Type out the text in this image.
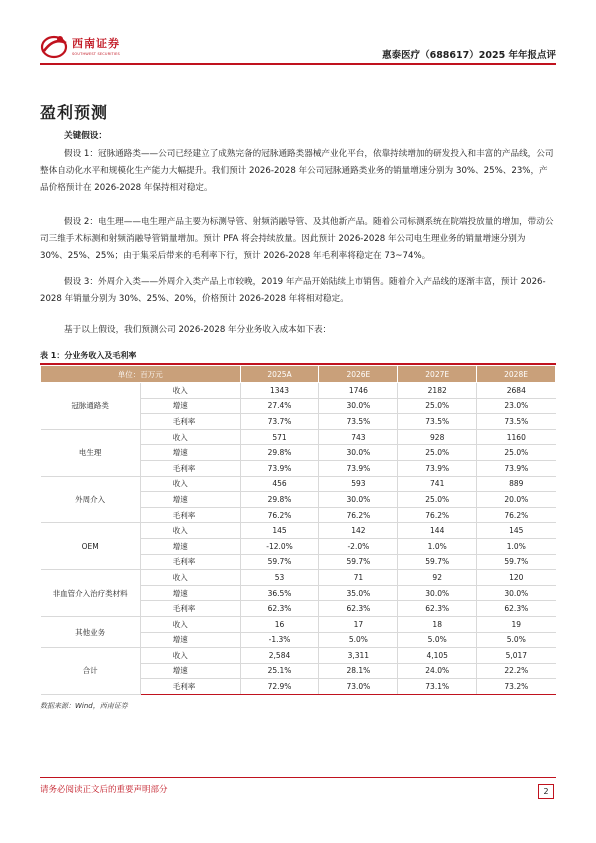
西南证券
SOUTHWEST SECURITIES	惠泰医疗（688617）2025 年年报点评
盈利预测
关键假设：
假设 1：冠脉通路类——公司已经建立了成熟完备的冠脉通路类器械产业化平台，依靠持续增加的研发投入和丰富的产品线，公司整体自动化水平和规模化生产能力大幅提升。我们预计 2026-2028 年公司冠脉通路类业务的销量增速分别为 30%、25%、23%，产品价格预计在 2026-2028 年保持相对稳定。
假设 2：电生理——电生理产品主要为标测导管、射频消融导管、及其他新产品。随着公司标测系统在院端投放量的增加，带动公司三维手术标测和射频消融导管销量增加。预计 PFA 将会持续放量。因此预计 2026-2028 年公司电生理业务的销量增速分别为 30%、25%、25%；由于集采后带来的毛利率下行，预计 2026-2028 年毛利率将稳定在 73~74%。
假设 3：外周介入类——外周介入类产品上市较晚，2019 年产品开始陆续上市销售。随着介入产品线的逐渐丰富，预计 2026-2028 年销量分别为 30%、25%、20%，价格预计 2026-2028 年将相对稳定。
基于以上假设，我们预测公司 2026-2028 年分业务收入成本如下表：
表 1：分业务收入及毛利率
单位：百万元		2025A	2026E	2027E	2028E
冠脉通路类	收入	1343	1746	2182	2684
	增速	27.4%	30.0%	25.0%	23.0%
	毛利率	73.7%	73.5%	73.5%	73.5%
电生理	收入	571	743	928	1160
	增速	29.8%	30.0%	25.0%	25.0%
	毛利率	73.9%	73.9%	73.9%	73.9%
外周介入	收入	456	593	741	889
	增速	29.8%	30.0%	25.0%	20.0%
	毛利率	76.2%	76.2%	76.2%	76.2%
OEM	收入	145	142	144	145
	增速	-12.0%	-2.0%	1.0%	1.0%
	毛利率	59.7%	59.7%	59.7%	59.7%
非血管介入治疗类材料	收入	53	71	92	120
	增速	36.5%	35.0%	30.0%	30.0%
	毛利率	62.3%	62.3%	62.3%	62.3%
其他业务	收入	16	17	18	19
	增速	-1.3%	5.0%	5.0%	5.0%
合计	收入	2,584	3,311	4,105	5,017
	增速	25.1%	28.1%	24.0%	22.2%
	毛利率	72.9%	73.0%	73.1%	73.2%
数据来源：Wind，西南证券
请务必阅读正文后的重要声明部分	2
